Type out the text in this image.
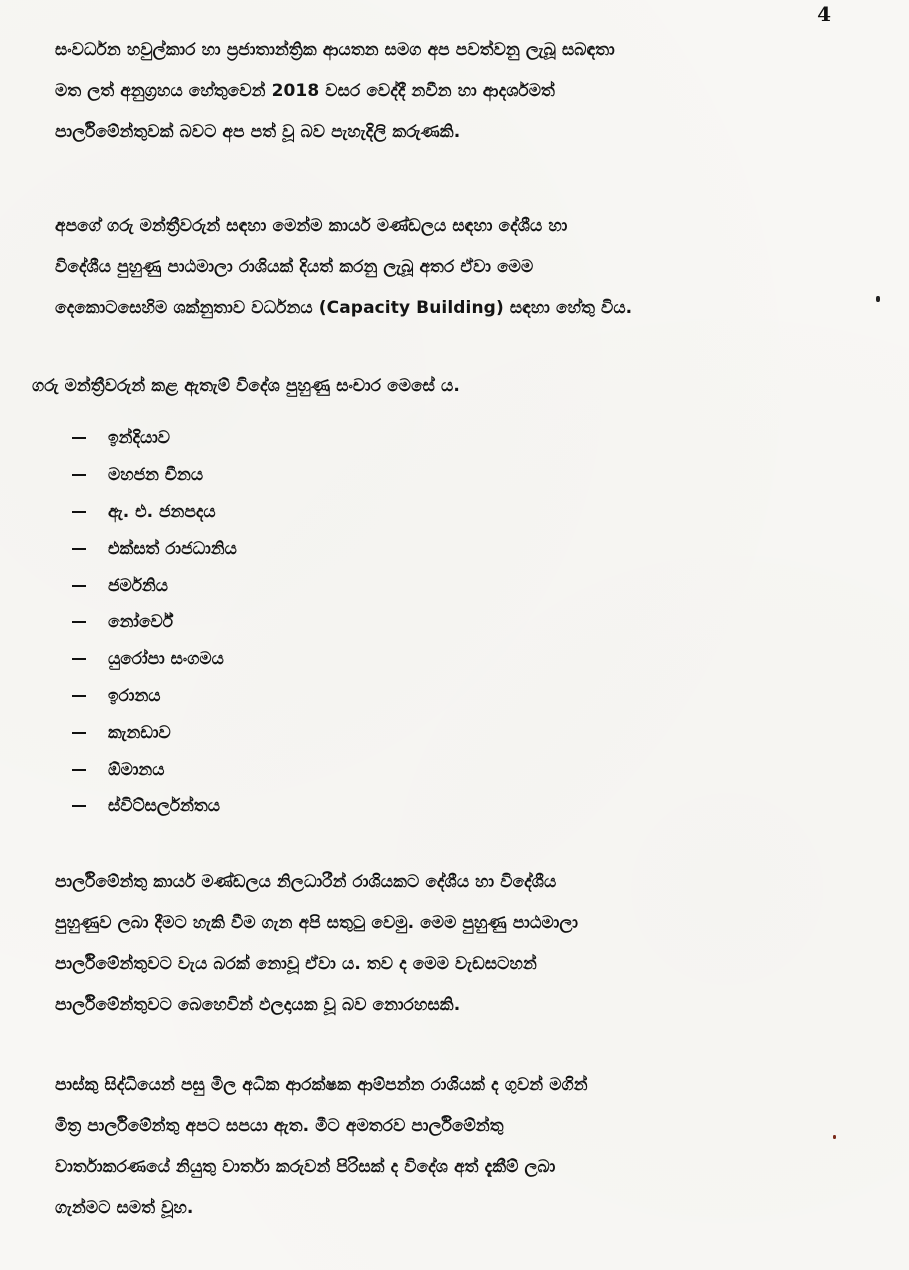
4
සංවර්ධන හවුල්කාර හා ප්‍රජාතාන්ත්‍රික ආයතන සමග අප පවත්වනු ලැබූ සබඳතා
මත ලත් අනුග්‍රහය හේතුවෙන් 2018 වසර වෙද්දී නවීන හා ආදර්ශමත්
පාර්ලිමේන්තුවක් බවට අප පත් වූ බව පැහැදිලි කරුණකි.
අපගේ ගරු මන්ත්‍රීවරුන් සඳහා මෙන්ම කාර්ය මණ්ඩලය සඳහා දේශීය හා
විදේශීය පුහුණු පාඨමාලා රාශියක් දියත් කරනු ලැබූ අතර ඒවා මෙම
දෙකොටසෙහිම ශක්නුතාව වර්ධනය (Capacity Building) සඳහා හේතු විය.
ගරු මන්ත්‍රීවරුන් කළ ඇතැම් විදේශ පුහුණු සංචාර මෙසේ ය.
ඉන්දියාව
මහජන චීනය
ඇ. එ. ජනපදය
එක්සත් රාජධානිය
ජර්මනිය
නෝර්වේ
යුරෝපා සංගමය
ඉරානය
කැනඩාව
ඕමානය
ස්විට්සර්ලන්තය
පාර්ලිමේන්තු කාර්ය මණ්ඩලය නිලධාරීන් රාශියකට දේශීය හා විදේශීය
පුහුණුව ලබා දීමට හැකි වීම ගැන අපි සතුටු වෙමු. මෙම පුහුණු පාඨමාලා
පාර්ලිමේන්තුවට වැය බරක් නොවූ ඒවා ය. තව ද මෙම වැඩසටහන්
පාර්ලිමේන්තුවට බෙහෙවින් ඵලදායක වූ බව නොරහසකි.
පාස්කු සිද්ධියෙන් පසු මිල අධික ආරක්ෂක ආම්පන්න රාශියක් ද ගුවන් මගින්
මිත්‍ර පාර්ලිමේන්තු අපට සපයා ඇත. මීට අමතරව පාර්ලිමේන්තු
වාර්තාකරණයේ නියුතු වාර්තා කරුවන් පිරිසක් ද විදේශ අත් දැකීම් ලබා
ගැන්මට සමත් වූහ.
